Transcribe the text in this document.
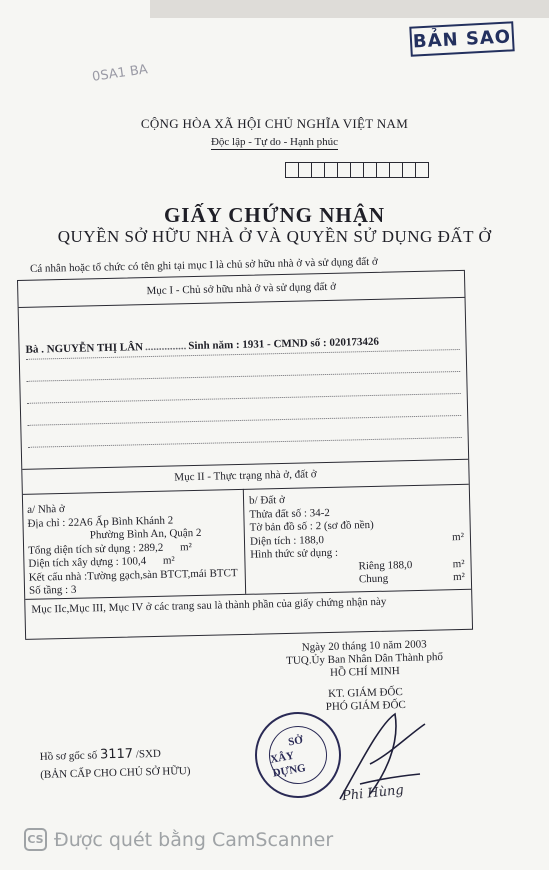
BẢN SAO
0SA1 BA
CỘNG HÒA XÃ HỘI CHỦ NGHĨA VIỆT NAM
Độc lập - Tự do - Hạnh phúc
GIẤY CHỨNG NHẬN
QUYỀN SỞ HỮU NHÀ Ở VÀ QUYỀN SỬ DỤNG ĐẤT Ở
Cá nhân hoặc tổ chức có tên ghi tại mục I là chủ sở hữu nhà ở và sử dụng đất ở
Mục I - Chủ sở hữu nhà ở và sử dụng đất ở
Bà . NGUYỄN THỊ LÂN ............... Sinh năm : 1931 - CMND số : 020173426
Mục II - Thực trạng nhà ở, đất ở
a/ Nhà ở
Địa chỉ : 22A6 Ấp Bình Khánh 2
Phường Bình An, Quận 2
Tổng diện tích sử dụng : 289,2 m²
Diện tích xây dựng : 100,4 m²
Kết cấu nhà :Tường gạch,sàn BTCT,mái BTCT
Số tầng : 3
b/ Đất ở
Thửa đất số : 34-2
Tờ bản đồ số : 2 (sơ đồ nền)
Diện tích : 188,0	m²
Hình thức sử dụng :
Riêng 188,0	m²
Chung	m²
Mục IIc,Mục III, Mục IV ở các trang sau là thành phần của giấy chứng nhận này
Ngày 20 tháng 10 năm 2003
TUQ.Ủy Ban Nhân Dân Thành phố
HỒ CHÍ MINH
KT. GIÁM ĐỐC
PHÓ GIÁM ĐỐC
SỞ
XÂY DỰNG
Phi Hùng
Hồ sơ gốc số 3117 /SXD
(BẢN CẤP CHO CHỦ SỞ HỮU)
CS Được quét bằng CamScanner
